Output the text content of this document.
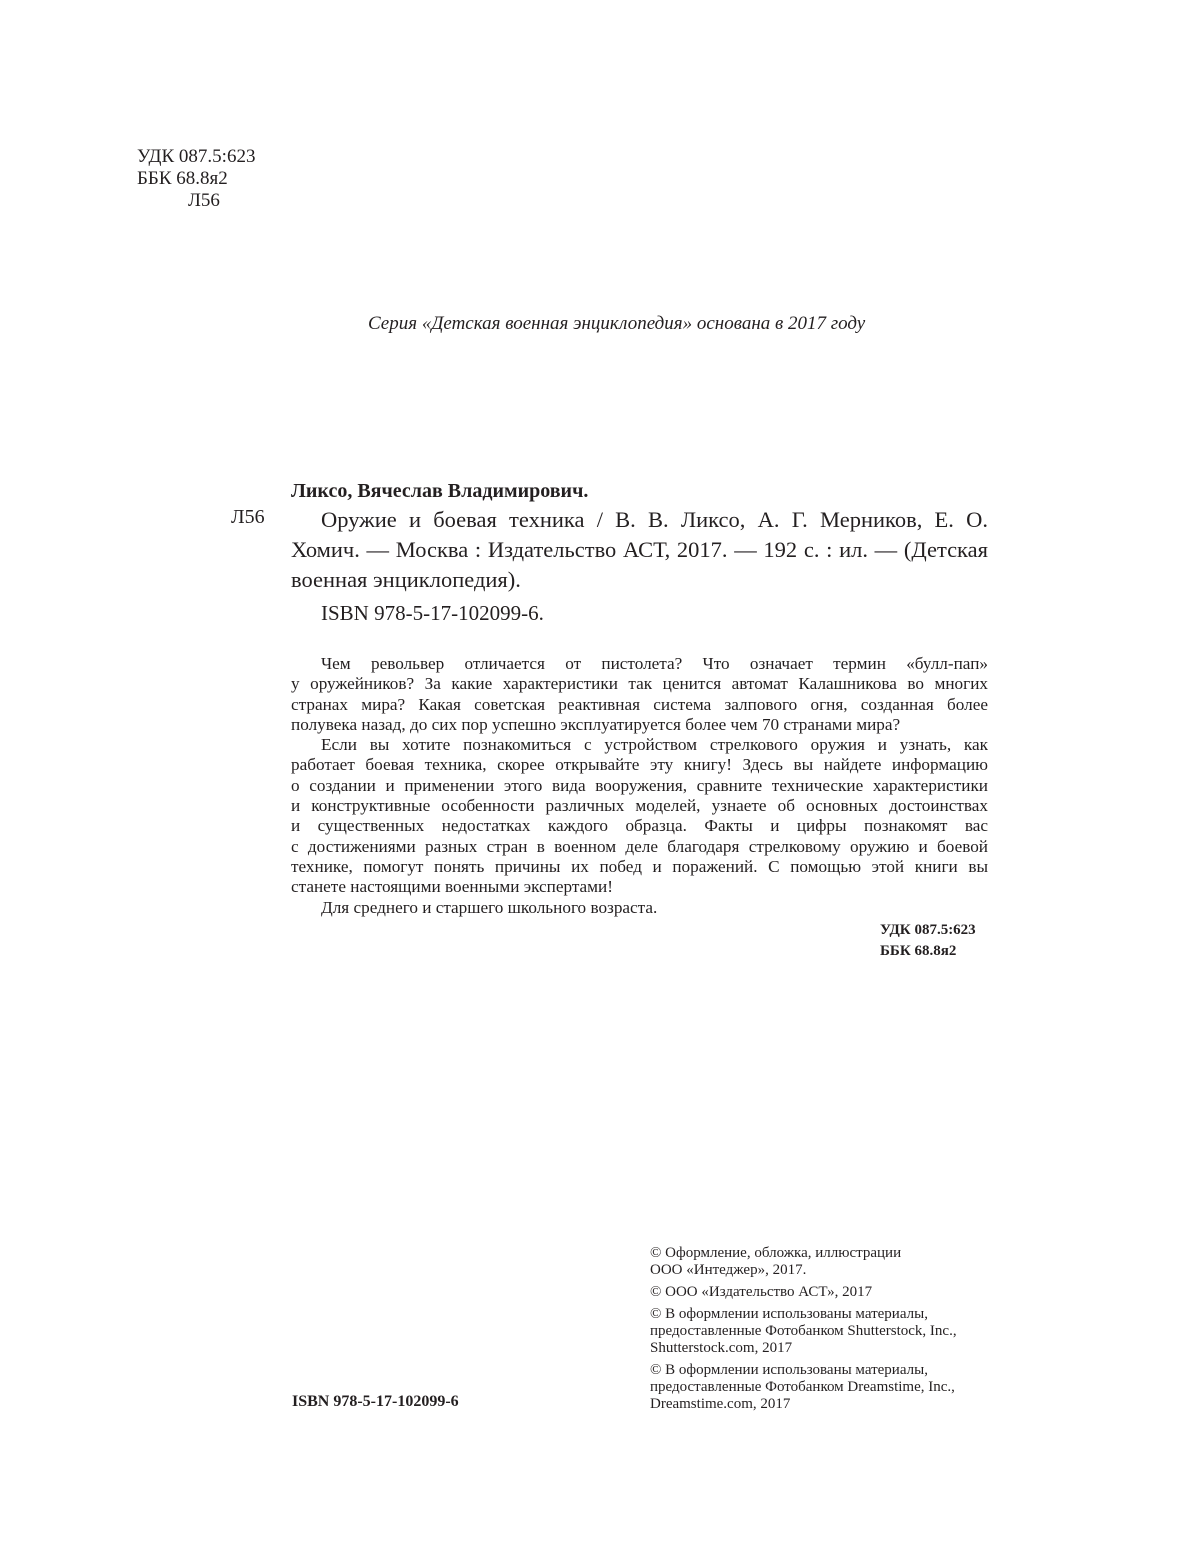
УДК 087.5:623
ББК 68.8я2
Л56
Серия «Детская военная энциклопедия» основана в 2017 году
Ликсо, Вячеслав Владимирович.
Л56	Оружие и боевая техника / В. В. Ликсо, А. Г. Мерников, Е. О.
Хомич. — Москва : Издательство АСТ, 2017. — 192 с. : ил. — (Детская
военная энциклопедия).
ISBN 978-5-17-102099-6.
Чем револьвер отличается от пистолета? Что означает термин «булл-пап»
у оружейников? За какие характеристики так ценится автомат Калашникова во многих
странах мира? Какая советская реактивная система залпового огня, созданная более
полувека назад, до сих пор успешно эксплуатируется более чем 70 странами мира?
Если вы хотите познакомиться с устройством стрелкового оружия и узнать, как
работает боевая техника, скорее открывайте эту книгу! Здесь вы найдете информацию
о создании и применении этого вида вооружения, сравните технические характеристики
и конструктивные особенности различных моделей, узнаете об основных достоинствах
и существенных недостатках каждого образца. Факты и цифры познакомят вас
с достижениями разных стран в военном деле благодаря стрелковому оружию и боевой
технике, помогут понять причины их побед и поражений. С помощью этой книги вы
станете настоящими военными экспертами!
Для среднего и старшего школьного возраста.
УДК 087.5:623
ББК 68.8я2
© Оформление, обложка, иллюстрации
ООО «Интеджер», 2017.
© ООО «Издательство АСТ», 2017
© В оформлении использованы материалы,
предоставленные Фотобанком Shutterstock, Inc.,
Shutterstock.com, 2017
© В оформлении использованы материалы,
предоставленные Фотобанком Dreamstime, Inc.,
Dreamstime.com, 2017
ISBN 978-5-17-102099-6
